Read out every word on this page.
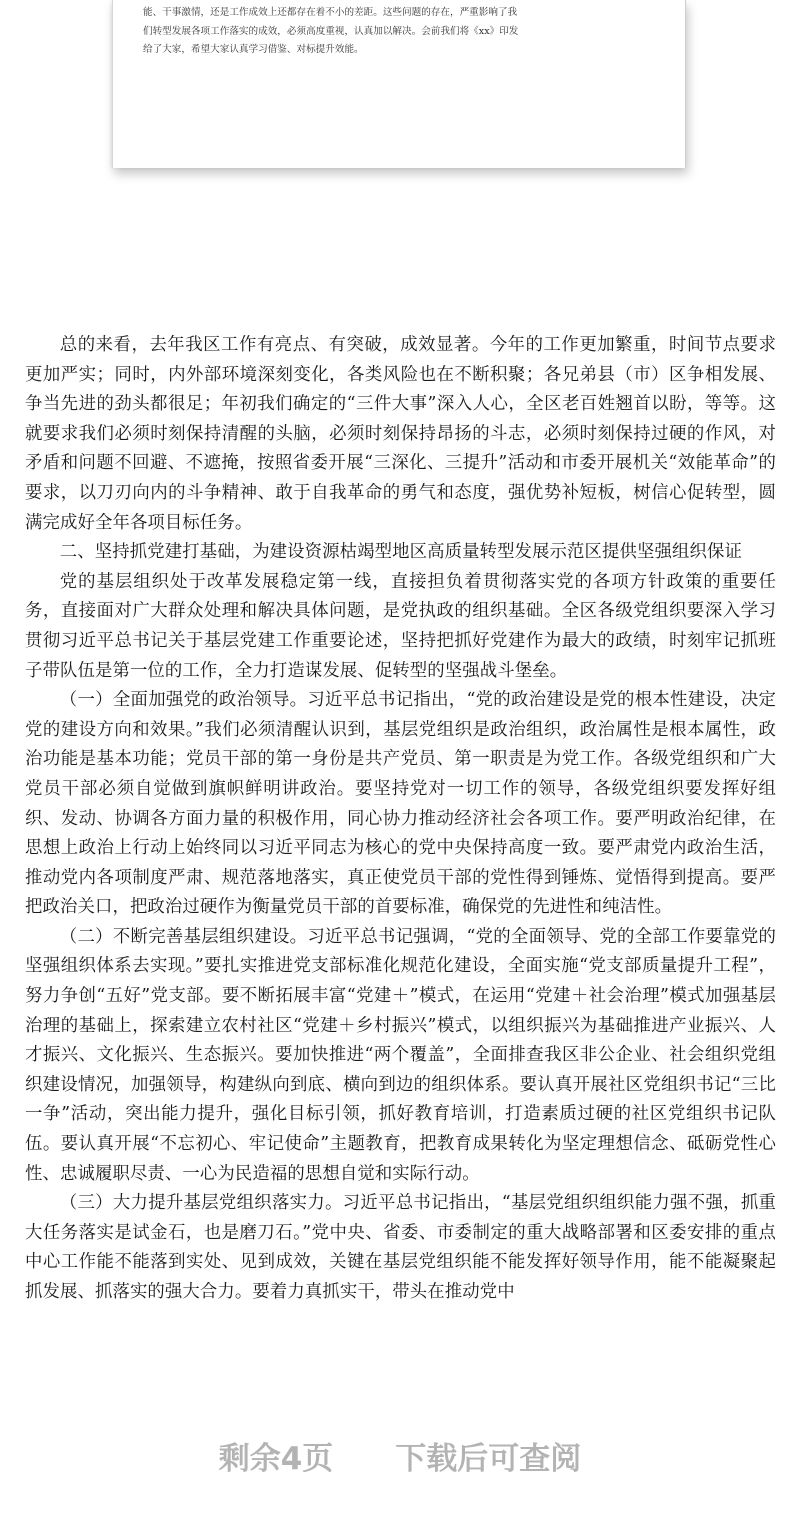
能、干事激情，还是工作成效上还都存在着不小的差距。这些问题的存在，严重影响了我

们转型发展各项工作落实的成效，必须高度重视，认真加以解决。会前我们将《xx》印发

给了大家，希望大家认真学习借鉴、对标提升效能。

总的来看，去年我区工作有亮点、有突破，成效显著。今年的工作更加繁重，时间节点要求更加严实；同时，内外部环境深刻变化，各类风险也在不断积聚；各兄弟县（市）区争相发展、争当先进的劲头都很足；年初我们确定的“三件大事”深入人心，全区老百姓翘首以盼，等等。这就要求我们必须时刻保持清醒的头脑，必须时刻保持昂扬的斗志，必须时刻保持过硬的作风，对矛盾和问题不回避、不遮掩，按照省委开展“三深化、三提升”活动和市委开展机关“效能革命”的要求，以刀刃向内的斗争精神、敢于自我革命的勇气和态度，强优势补短板，树信心促转型，圆满完成好全年各项目标任务。

二、坚持抓党建打基础，为建设资源枯竭型地区高质量转型发展示范区提供坚强组织保证

党的基层组织处于改革发展稳定第一线，直接担负着贯彻落实党的各项方针政策的重要任务，直接面对广大群众处理和解决具体问题，是党执政的组织基础。全区各级党组织要深入学习贯彻习近平总书记关于基层党建工作重要论述，坚持把抓好党建作为最大的政绩，时刻牢记抓班子带队伍是第一位的工作，全力打造谋发展、促转型的坚强战斗堡垒。

（一）全面加强党的政治领导。习近平总书记指出，“党的政治建设是党的根本性建设，决定党的建设方向和效果。”我们必须清醒认识到，基层党组织是政治组织，政治属性是根本属性，政治功能是基本功能；党员干部的第一身份是共产党员、第一职责是为党工作。各级党组织和广大党员干部必须自觉做到旗帜鲜明讲政治。要坚持党对一切工作的领导，各级党组织要发挥好组织、发动、协调各方面力量的积极作用，同心协力推动经济社会各项工作。要严明政治纪律，在思想上政治上行动上始终同以习近平同志为核心的党中央保持高度一致。要严肃党内政治生活，推动党内各项制度严肃、规范落地落实，真正使党员干部的党性得到锤炼、觉悟得到提高。要严把政治关口，把政治过硬作为衡量党员干部的首要标准，确保党的先进性和纯洁性。

（二）不断完善基层组织建设。习近平总书记强调，“党的全面领导、党的全部工作要靠党的坚强组织体系去实现。”要扎实推进党支部标准化规范化建设，全面实施“党支部质量提升工程”，努力争创“五好”党支部。要不断拓展丰富“党建＋”模式，在运用“党建＋社会治理”模式加强基层治理的基础上，探索建立农村社区“党建＋乡村振兴”模式，以组织振兴为基础推进产业振兴、人才振兴、文化振兴、生态振兴。要加快推进“两个覆盖”，全面排查我区非公企业、社会组织党组织建设情况，加强领导，构建纵向到底、横向到边的组织体系。要认真开展社区党组织书记“三比一争”活动，突出能力提升，强化目标引领，抓好教育培训，打造素质过硬的社区党组织书记队伍。要认真开展“不忘初心、牢记使命”主题教育，把教育成果转化为坚定理想信念、砥砺党性心性、忠诚履职尽责、一心为民造福的思想自觉和实际行动。

（三）大力提升基层党组织落实力。习近平总书记指出，“基层党组织组织能力强不强，抓重大任务落实是试金石，也是磨刀石。”党中央、省委、市委制定的重大战略部署和区委安排的重点中心工作能不能落到实处、见到成效，关键在基层党组织能不能发挥好领导作用，能不能凝聚起抓发展、抓落实的强大合力。要着力真抓实干，带头在推动党中

剩余4页 下载后可查阅
